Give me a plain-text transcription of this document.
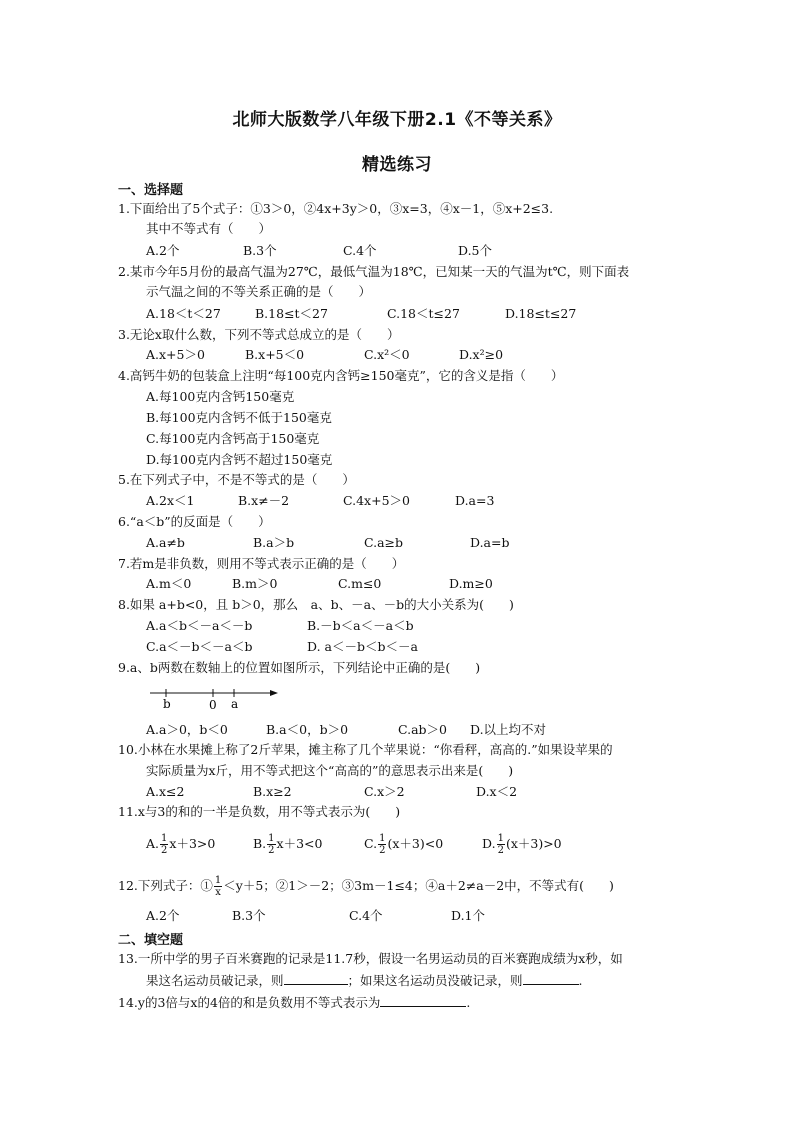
北师大版数学八年级下册2.1《不等关系》
精选练习
一、选择题
1.下面给出了5个式子：①3＞0，②4x+3y＞0，③x=3，④x－1，⑤x+2≤3.
其中不等式有（　　）
A.2个	B.3个	C.4个	D.5个
2.某市今年5月份的最高气温为27℃，最低气温为18℃，已知某一天的气温为t℃，则下面表
示气温之间的不等关系正确的是（　　）
A.18＜t＜27	B.18≤t＜27	C.18＜t≤27	D.18≤t≤27
3.无论x取什么数，下列不等式总成立的是（　　）
A.x+5＞0	B.x+5＜0	C.x²＜0	D.x²≥0
4.高钙牛奶的包装盒上注明“每100克内含钙≥150毫克”，它的含义是指（　　）
A.每100克内含钙150毫克
B.每100克内含钙不低于150毫克
C.每100克内含钙高于150毫克
D.每100克内含钙不超过150毫克
5.在下列式子中，不是不等式的是（　　）
A.2x＜1	B.x≠－2	C.4x+5＞0	D.a=3
6.“a＜b”的反面是（　　）
A.a≠b	B.a＞b	C.a≥b	D.a=b
7.若m是非负数，则用不等式表示正确的是（　　）
A.m＜0	B.m＞0	C.m≤0	D.m≥0
8.如果 a+b<0，且 b＞0，那么　a、b、－a、－b的大小关系为(　　)
A.a＜b＜－a＜－b	B.－b＜a＜－a＜b
C.a＜－b＜－a＜b	D. a＜－b＜b＜－a
9.a、b两数在数轴上的位置如图所示，下列结论中正确的是(　　)
b	0 a
A.a＞0，b＜0	B.a＜0，b＞0	C.ab＞0 D.以上均不对
10.小林在水果摊上称了2斤苹果，摊主称了几个苹果说：“你看秤，高高的.”如果设苹果的
实际质量为x斤，用不等式把这个“高高的”的意思表示出来是(　　)
A.x≤2	B.x≥2	C.x＞2	D.x＜2
11.x与3的和的一半是负数，用不等式表示为(　　)
A. $\frac{1}{2} x+3>0$	B. $\frac{1}{2} x+3<0$	C. $\frac{1}{2} (x+3)<0$	D. $\frac{1}{2} (x+3)>0$
12.下列式子：① $\frac{1}{x} <y+5$；②1＞－2；③3m－1≤4；④a＋2≠a－2中，不等式有(　　)
A.2个	B.3个	C.4个	D.1个
二、填空题
13.一所中学的男子百米赛跑的记录是11.7秒，假设一名男运动员的百米赛跑成绩为x秒，如
果这名运动员破记录，则	；如果这名运动员没破记录，则	.
14.y的3倍与x的4倍的和是负数用不等式表示为	.
